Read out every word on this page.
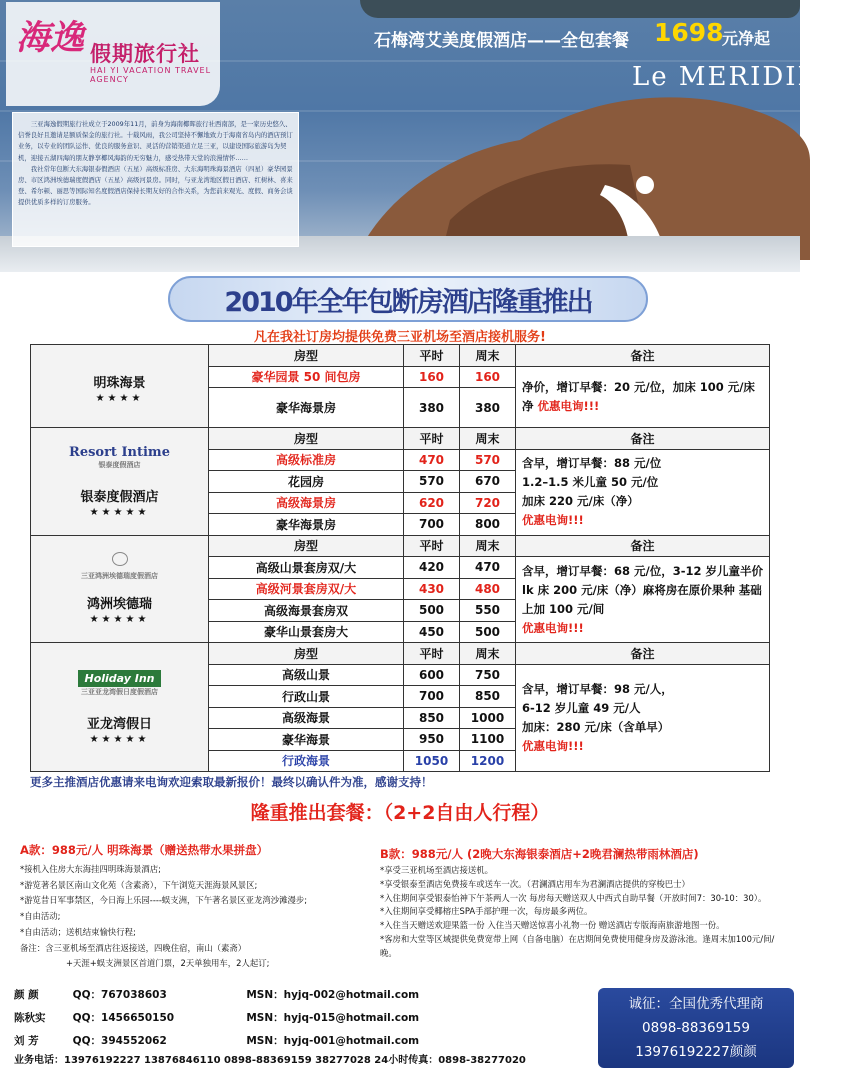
海逸 假期旅行社
HAI YI VACATION TRAVEL AGENCY
石梅湾艾美度假酒店——全包套餐 1698
元净起
Le MERIDIEN

三亚海逸假期旅行社成立于2009年11月，前身为海南椰晖旅行社西南部，是一家历史悠久、信誉良好且邀请足额质保金的旅行社。十载风雨，我公司坚持不懈地致力于海南省岛内的酒店预订业务，以专业的团队运作、优良的服务意识、灵活的营销渠道立足三亚，以建设国际旅游岛为契机，迎接五湖四海的朋友静享椰风海韵的无穷魅力，感受热带天堂的浪漫情怀……

我社常年包断大东海银泰假酒店（五星）高级标准房、大东海明珠海景酒店（四星）豪华园景房、市区鸿洲埃德瑞度假酒店（五星）高级河景房。同时，与亚龙湾地区假日酒店、红树林、喜来登、希尔顿、丽思等国际知名度假酒店保持长期友好的合作关系，为您前来观光、度假、商务会谈提供优质多样的订房服务。

2010年全年包断房酒店隆重推出
凡在我社订房均提供免费三亚机场至酒店接机服务!
明珠海景
★★★★	房型	平时	周末	备注
	豪华园景 50 间包房	160	160	净价，增订早餐：20 元/位，加床 100 元/床净 优惠电询!!!
	豪华海景房	380	380	

Resort Intime
银泰度假酒店
银泰度假酒店
★★★★★	房型	平时	周末	备注
	高级标准房	470	570	含早，增订早餐：88 元/位
1.2–1.5 米儿童 50 元/位
加床 220 元/床（净）
优惠电询!!!

	花园房	570	670	
	高级海景房	620	720	
	豪华海景房	700	800	

三亚鸿洲埃德瑞度假酒店
鸿洲埃德瑞
★★★★★	房型	平时	周末	备注
	高级山景套房双/大	420	470	含早，增订早餐：68 元/位，3-12 岁儿童半价 lk 床 200 元/床（净）麻将房在原价果种 基础上加 100 元/间
优惠电询!!!

	高级河景套房双/大	430	480	
	高级海景套房双	500	550	
	豪华山景套房大	450	500	
Holiday Inn
三亚亚龙湾假日度假酒店
亚龙湾假日
★★★★★	房型	平时	周末	备注
	高级山景	600	750	含早，增订早餐：98 元/人，
6-12 岁儿童 49 元/人
加床：280 元/床（含单早）
优惠电询!!!

	行政山景	700	850	
	高级海景	850	1000	
	豪华海景	950	1100	
	行政海景	1050	1200	
更多主推酒店优惠请来电询欢迎索取最新报价！最终以确认件为准，感谢支持！
隆重推出套餐：（2+2自由人行程）
A款：988元/人 明珠海景（赠送热带水果拼盘）	B款：988元/人 (2晚大东海银泰酒店+2晚君澜热带雨林酒店)
*接机入住房大东海挂四明珠海景酒店;
*游览著名景区南山文化苑（含素斋），下午浏览天涯海景风景区;
*游览昔日军事禁区，今日海上乐园----蜈支洲，下午著名景区亚龙湾沙滩漫步;
*自由活动;
*自由活动；送机结束愉快行程;
备注：含三亚机场至酒店往返接送，四晚住宿，南山（素斋）
+天涯+蜈支洲景区首道门票，2天单独用车，2人起订;
*享受三亚机场至酒店接送机。
*享受银泰至酒店免费接车或送车一次。（君澜酒店用车为君澜酒店提供的穿梭巴士）
*入住期间享受银泰怡神下午茶两人一次 每房每天赠送双人中西式自助早餐（开放时间7：30-10：30）。
*入住期间享受椰榕庄SPA手部护理一次，每房最多两位。
*入住当天赠送欢迎果篮一份 入住当天赠送惊喜小礼物一份 赠送酒店专版海南旅游地图一份。
*客房和大堂等区域提供免费宽带上网（自备电脑）在店期间免费使用健身房及游泳池。逢周末加100元/间/晚。
颜 颜	QQ：767038603	MSN：hyjq-002@hotmail.com
陈秋实	QQ：1456650150	MSN：hyjq-015@hotmail.com
刘 芳	QQ：394552062	MSN：hyjq-001@hotmail.com
业务电话：13976192227 13876846110 0898-88369159 38277028 24小时传真：0898-38277020
诚征：全国优秀代理商
0898-88369159
13976192227颜颜
